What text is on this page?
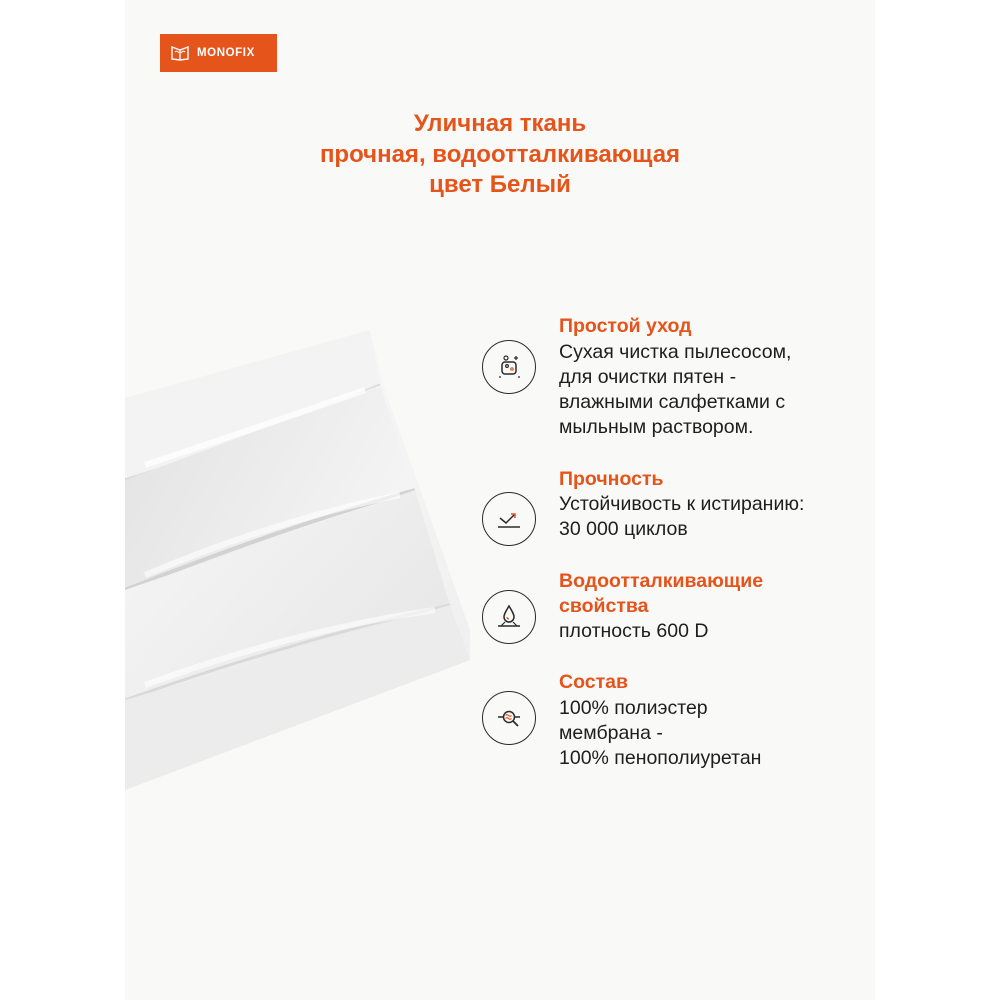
MONOFIX
Уличная ткань
прочная, водоотталкивающая
цвет Белый
Простой уход
Сухая чистка пылесосом,
для очистки пятен -
влажными салфетками с
мыльным раствором.
Прочность
Устойчивость к истиранию:
30 000 циклов
Водоотталкивающие
свойства
плотность 600 D
Состав
100% полиэстер
мембрана -
100% пенополиуретан
